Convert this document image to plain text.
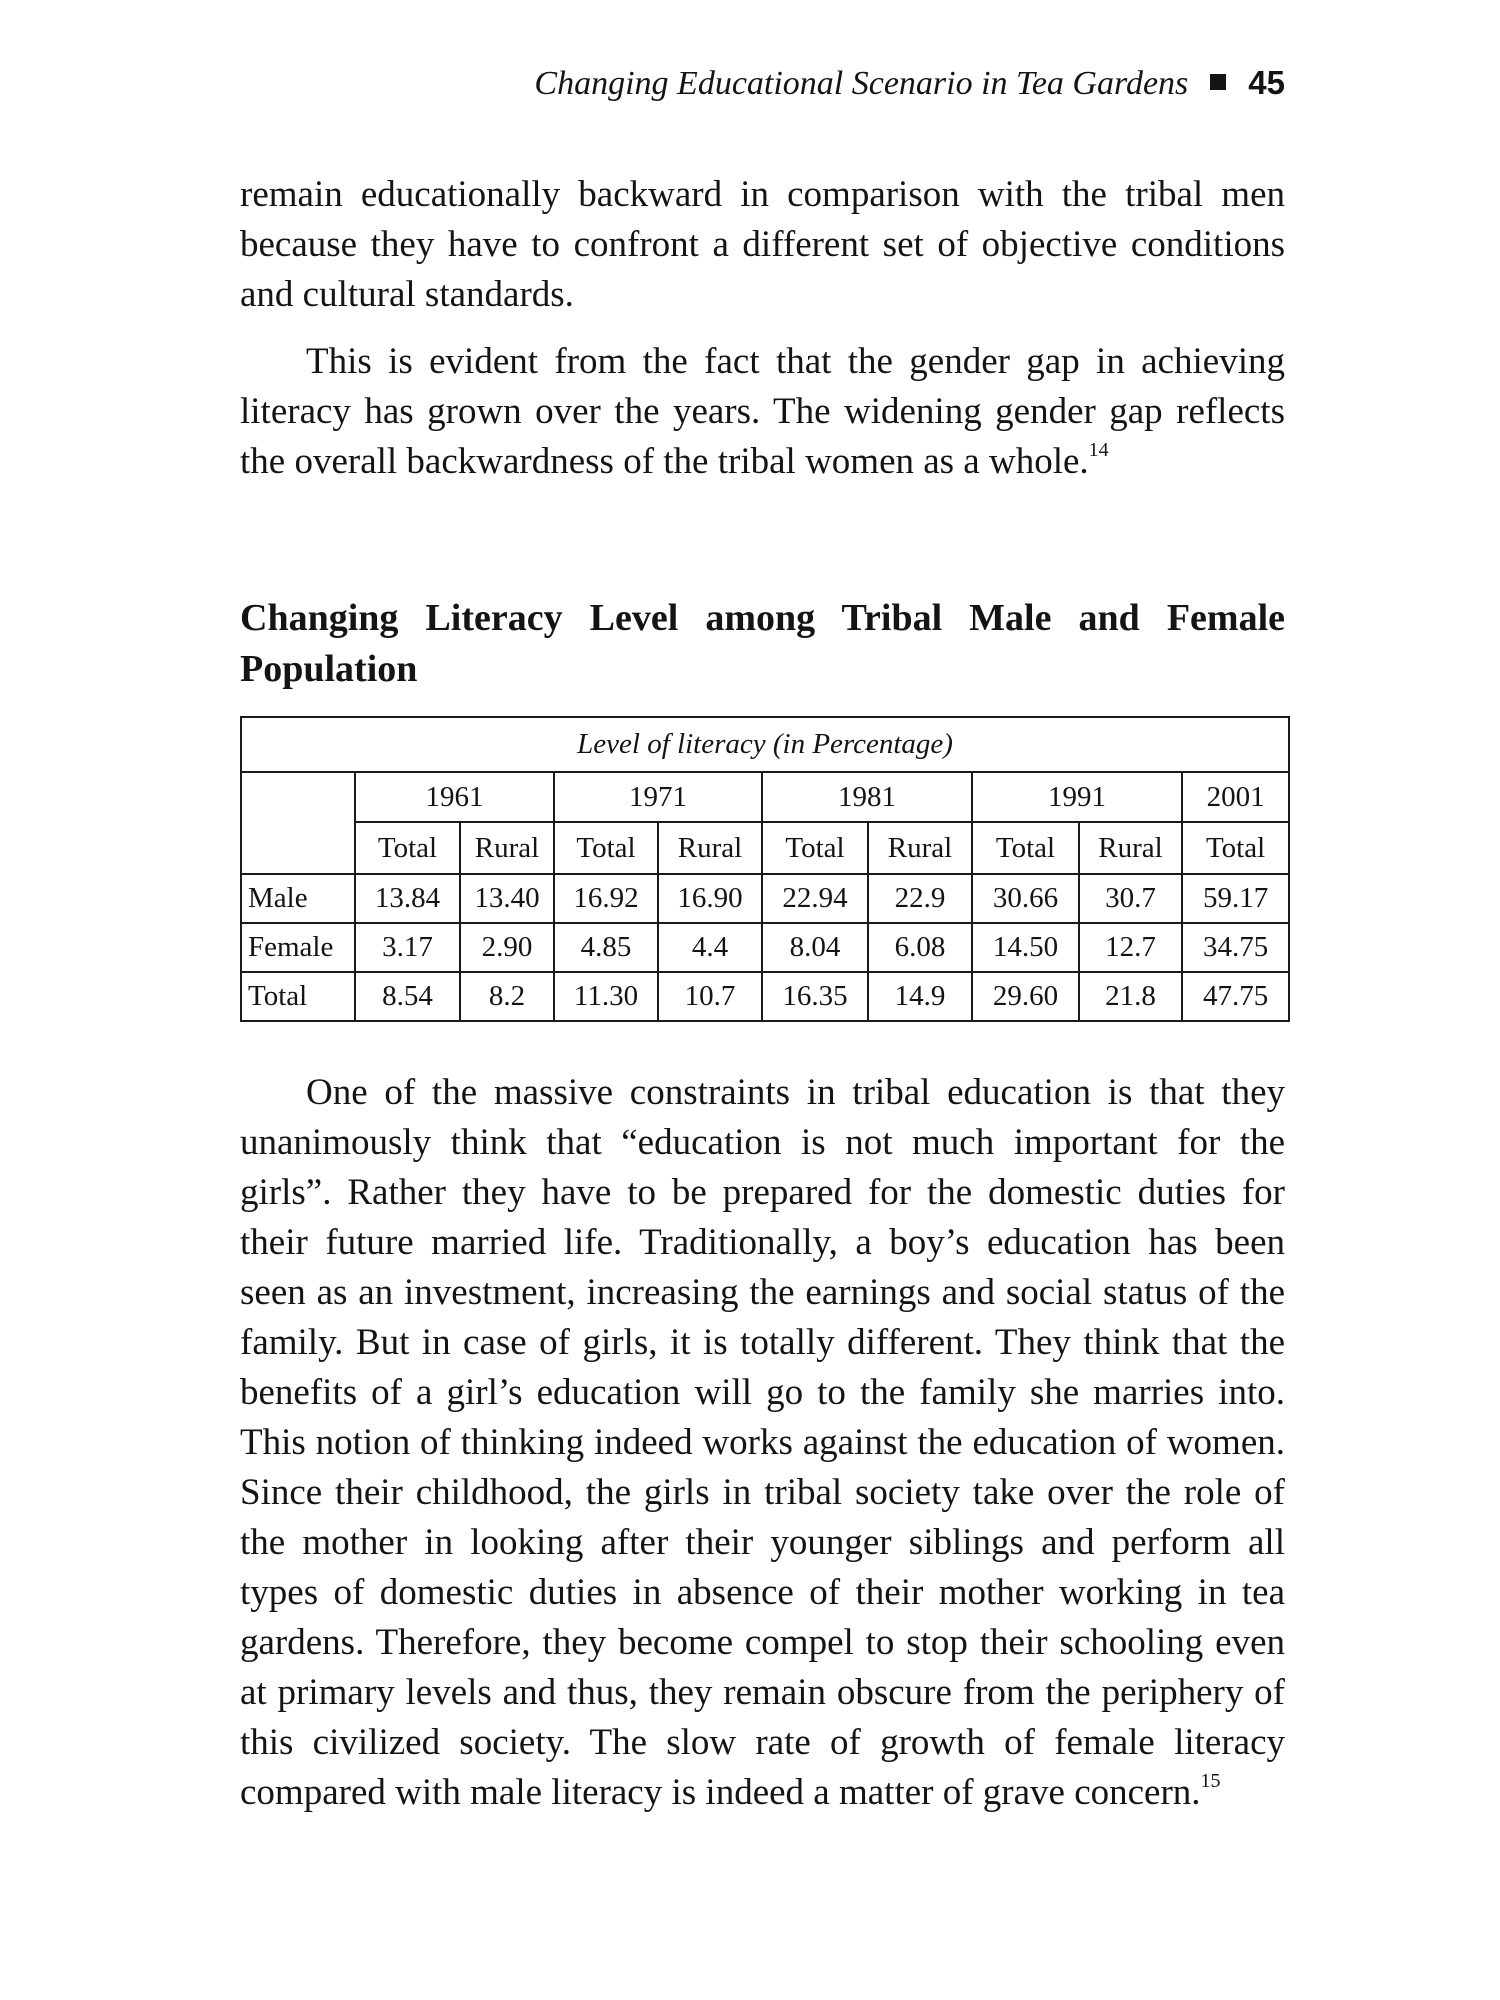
Changing Educational Scenario in Tea Gardens 45

remain educationally backward in comparison with the tribal men because they have to confront a different set of objective conditions and cultural standards.

This is evident from the fact that the gender gap in achieving literacy has grown over the years. The widening gender gap reflects the overall backwardness of the tribal women as a whole.$^{14}$

Changing Literacy Level among Tribal Male and Female Population
Level of literacy (in Percentage)									
	1961		1971		1981		1991		2001
	Total	Rural	Total	Rural	Total	Rural	Total	Rural	Total
Male	13.84	13.40	16.92	16.90	22.94	22.9	30.66	30.7	59.17
Female	3.17	2.90	4.85	4.4	8.04	6.08	14.50	12.7	34.75
Total	8.54	8.2	11.30	10.7	16.35	14.9	29.60	21.8	47.75

One of the massive constraints in tribal education is that they unanimously think that “education is not much important for the girls”. Rather they have to be prepared for the domestic duties for their future married life. Traditionally, a boy’s education has been seen as an investment, increasing the earnings and social status of the family. But in case of girls, it is totally different. They think that the benefits of a girl’s education will go to the family she marries into. This notion of thinking indeed works against the education of women. Since their childhood, the girls in tribal society take over the role of the mother in looking after their younger siblings and perform all types of domestic duties in absence of their mother working in tea gardens. Therefore, they become compel to stop their schooling even at primary levels and thus, they remain obscure from the periphery of this civilized society. The slow rate of growth of female literacy compared with male literacy is indeed a matter of grave concern.$^{15}$
